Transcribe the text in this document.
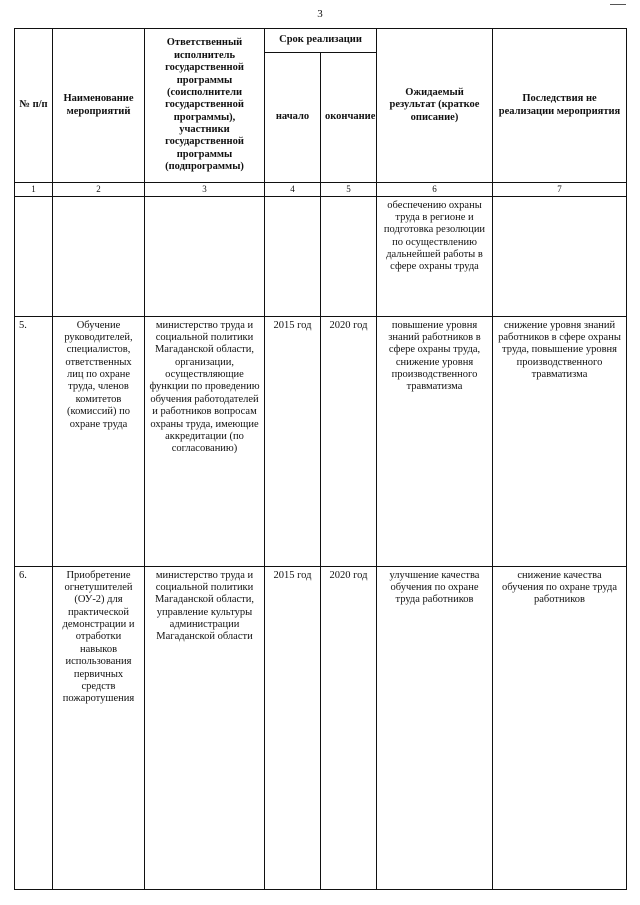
3
№ п/п	Наименование мероприятий	Ответственный исполнитель государственной программы (соисполнители государственной программы), участники государственной программы (подпрограммы)	Срок реализации		Ожидаемый результат (краткое описание)	Последствия не реализации мероприятия
			начало	окончание		
1	2	3	4	5	6	7
					обеспечению охраны труда в регионе и подготовка резолюции по осуществлению дальнейшей работы в сфере охраны труда	
5.	Обучение руководителей, специалистов, ответственных лиц по охране труда, членов комитетов (комиссий) по охране труда	министерство труда и социальной политики Магаданской области, организации, осуществляющие функции по проведению обучения работодателей и работников вопросам охраны труда, имеющие аккредитации (по согласованию)	2015 год	2020 год	повышение уровня знаний работников в сфере охраны труда, снижение уровня производственного травматизма	снижение уровня знаний работников в сфере охраны труда, повышение уровня производственного травматизма
6.	Приобретение огнетушителей (ОУ-2) для практической демонстрации и отработки навыков использования первичных средств пожаротушения	министерство труда и социальной политики Магаданской области, управление культуры администрации Магаданской области	2015 год	2020 год	улучшение качества обучения по охране труда работников	снижение качества обучения по охране труда работников
